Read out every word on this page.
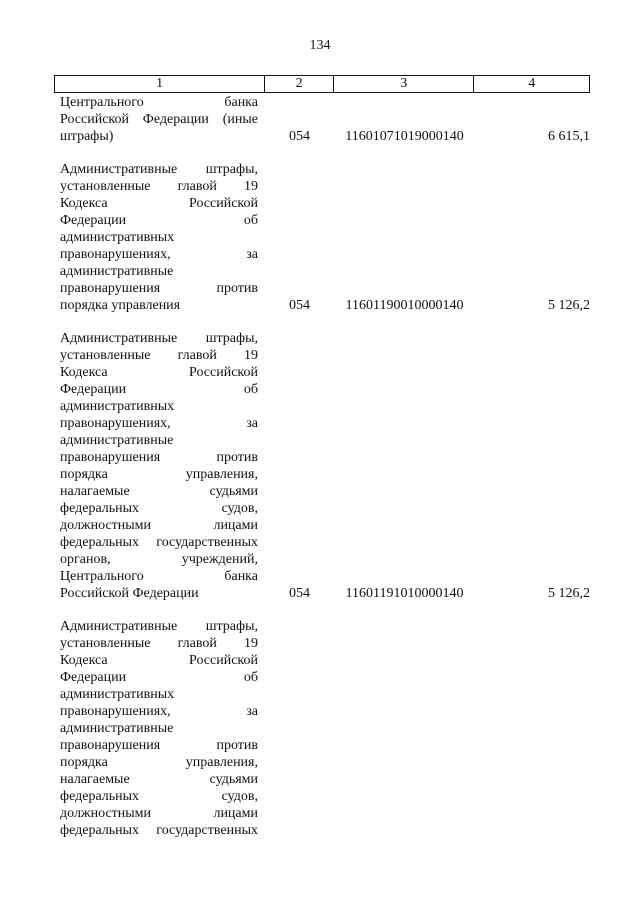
134
1	2	3	4
Центрального банка
Российской Федерации (иные
штрафы)	054	11601071019000140	6 615,1
Административные штрафы,
установленные главой 19
Кодекса Российской
Федерации об
административных
правонарушениях, за
административные
правонарушения против
порядка управления	054	11601190010000140	5 126,2
Административные штрафы,
установленные главой 19
Кодекса Российской
Федерации об
административных
правонарушениях, за
административные
правонарушения против
порядка управления,
налагаемые судьями
федеральных судов,
должностными лицами
федеральных государственных
органов, учреждений,
Центрального банка
Российской Федерации	054	11601191010000140	5 126,2
Административные штрафы,
установленные главой 19
Кодекса Российской
Федерации об
административных
правонарушениях, за
административные
правонарушения против
порядка управления,
налагаемые судьями
федеральных судов,
должностными лицами
федеральных государственных
